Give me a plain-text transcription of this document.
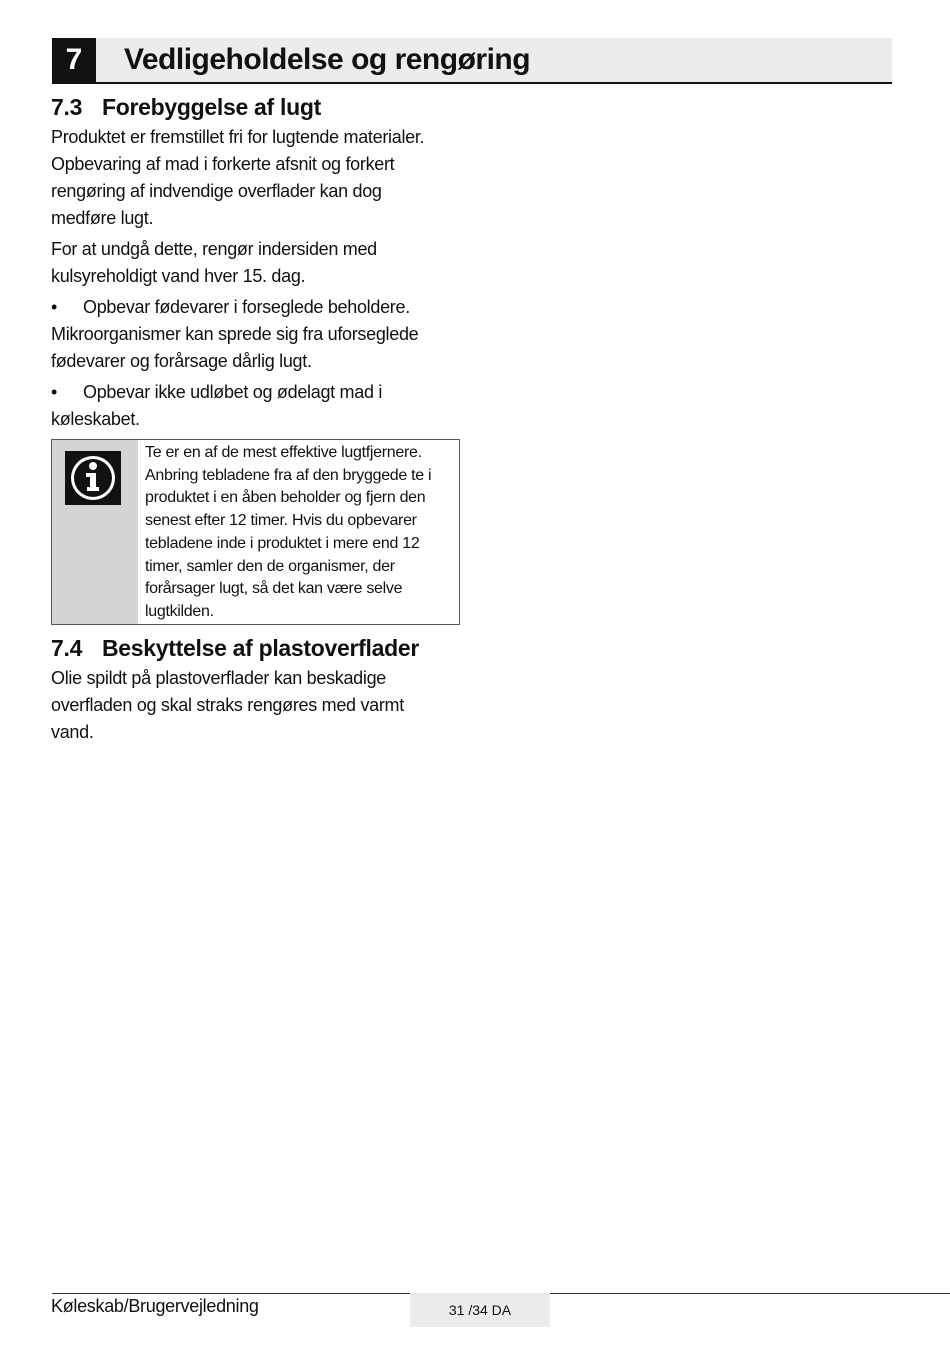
7	Vedligeholdelse og rengøring
7.3 Forebyggelse af lugt

Produktet er fremstillet fri for lugtende materialer. Opbevaring af mad i forkerte afsnit og forkert rengøring af indvendige overflader kan dog medføre lugt.

For at undgå dette, rengør indersiden med kulsyreholdigt vand hver 15. dag.

• Opbevar fødevarer i forseglede beholdere. Mikroorganismer kan sprede sig fra uforseglede fødevarer og forårsage dårlig lugt.

• Opbevar ikke udløbet og ødelagt mad i køleskabet.

Te er en af de mest effektive lugtfjernere. Anbring tebladene fra af den bryggede te i produktet i en åben beholder og fjern den senest efter 12 timer. Hvis du opbevarer tebladene inde i produktet i mere end 12 timer, samler den de organismer, der forårsager lugt, så det kan være selve lugtkilden.
7.4 Beskyttelse af plastoverflader

Olie spildt på plastoverflader kan beskadige overfladen og skal straks rengøres med varmt vand.

Køleskab/Brugervejledning	31 /34 DA
